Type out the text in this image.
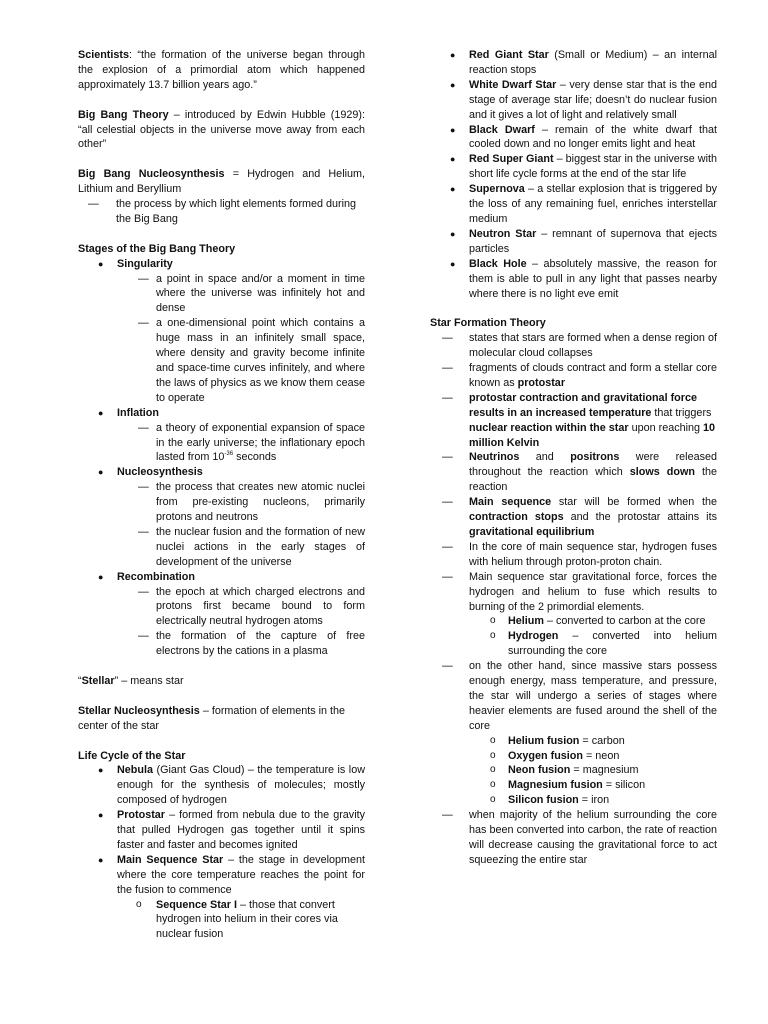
Scientists: “the formation of the universe began through the explosion of a primordial atom which happened approximately 13.7 billion years ago.”

Big Bang Theory – introduced by Edwin Hubble (1929): “all celestial objects in the universe move away from each other”

Big Bang Nucleosynthesis = Hydrogen and Helium, Lithium and Beryllium

— the process by which light elements formed during the Big Bang

Stages of the Big Bang Theory

● Singularity
— a point in space and/or a moment in time where the universe was infinitely hot and dense
— a one-dimensional point which contains a huge mass in an infinitely small space, where density and gravity become infinite and space-time curves infinitely, and where the laws of physics as we know them cease to operate
● Inflation
— a theory of exponential expansion of space in the early universe; the inflationary epoch lasted from $10^{-36}$ seconds
● Nucleosynthesis
— the process that creates new atomic nuclei from pre-existing nucleons, primarily protons and neutrons
— the nuclear fusion and the formation of new nuclei actions in the early stages of development of the universe
● Recombination
— the epoch at which charged electrons and protons first became bound to form electrically neutral hydrogen atoms
— the formation of the capture of free electrons by the cations in a plasma

“Stellar” – means star

Stellar Nucleosynthesis – formation of elements in the center of the star

Life Cycle of the Star

● Nebula (Giant Gas Cloud) – the temperature is low enough for the synthesis of molecules; mostly composed of hydrogen
● Protostar – formed from nebula due to the gravity that pulled Hydrogen gas together until it spins faster and faster and becomes ignited
● Main Sequence Star – the stage in development where the core temperature reaches the point for the fusion to commence
o Sequence Star I – those that convert hydrogen into helium in their cores via nuclear fusion
● Red Giant Star (Small or Medium) – an internal reaction stops
● White Dwarf Star – very dense star that is the end stage of average star life; doesn’t do nuclear fusion and it gives a lot of light and relatively small
● Black Dwarf – remain of the white dwarf that cooled down and no longer emits light and heat
● Red Super Giant – biggest star in the universe with short life cycle forms at the end of the star life
● Supernova – a stellar explosion that is triggered by the loss of any remaining fuel, enriches interstellar medium
● Neutron Star – remnant of supernova that ejects particles
● Black Hole – absolutely massive, the reason for them is able to pull in any light that passes nearby where there is no light eve emit

Star Formation Theory

— states that stars are formed when a dense region of molecular cloud collapses
— fragments of clouds contract and form a stellar core known as protostar
— protostar contraction and gravitational force results in an increased temperature that triggers nuclear reaction within the star upon reaching 10 million Kelvin
— Neutrinos and positrons were released throughout the reaction which slows down the reaction
— Main sequence star will be formed when the contraction stops and the protostar attains its gravitational equilibrium
— In the core of main sequence star, hydrogen fuses with helium through proton-proton chain.
— Main sequence star gravitational force, forces the hydrogen and helium to fuse which results to burning of the 2 primordial elements.
o Helium – converted to carbon at the core
o Hydrogen – converted into helium surrounding the core
— on the other hand, since massive stars possess enough energy, mass temperature, and pressure, the star will undergo a series of stages where heavier elements are fused around the shell of the core
o Helium fusion = carbon
o Oxygen fusion = neon
o Neon fusion = magnesium
o Magnesium fusion = silicon
o Silicon fusion = iron
— when majority of the helium surrounding the core has been converted into carbon, the rate of reaction will decrease causing the gravitational force to act squeezing the entire star
